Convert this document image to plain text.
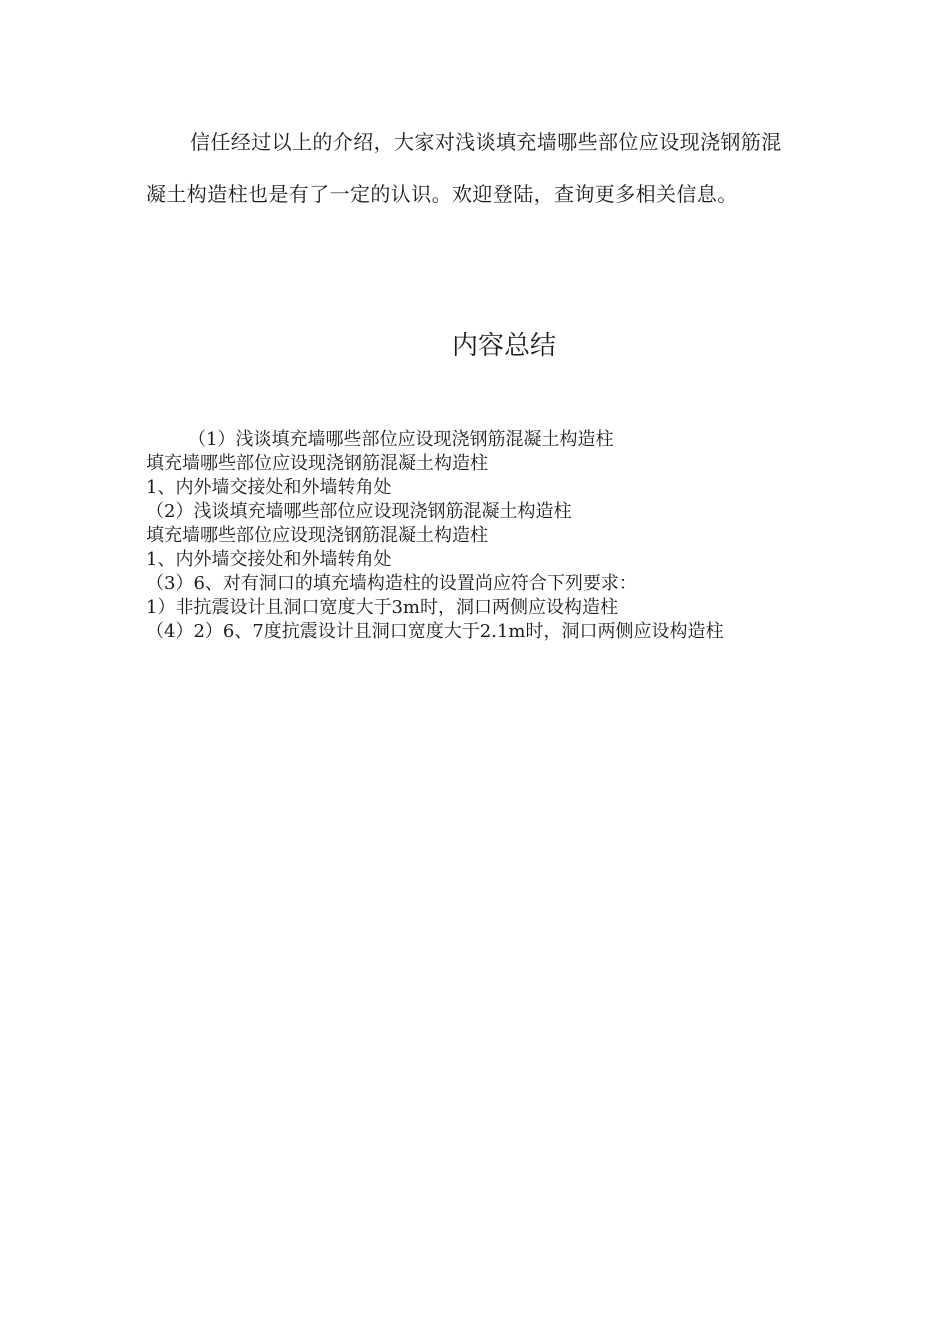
信任经过以上的介绍，大家对浅谈填充墙哪些部位应设现浇钢筋混凝土构造柱也是有了一定的认识。欢迎登陆，查询更多相关信息。

内容总结
（1）浅谈填充墙哪些部位应设现浇钢筋混凝土构造柱
填充墙哪些部位应设现浇钢筋混凝土构造柱
1、内外墙交接处和外墙转角处
（2）浅谈填充墙哪些部位应设现浇钢筋混凝土构造柱
填充墙哪些部位应设现浇钢筋混凝土构造柱
1、内外墙交接处和外墙转角处
（3）6、对有洞口的填充墙构造柱的设置尚应符合下列要求：
1）非抗震设计且洞口宽度大于3m时，洞口两侧应设构造柱
（4）2）6、7度抗震设计且洞口宽度大于2.1m时，洞口两侧应设构造柱
